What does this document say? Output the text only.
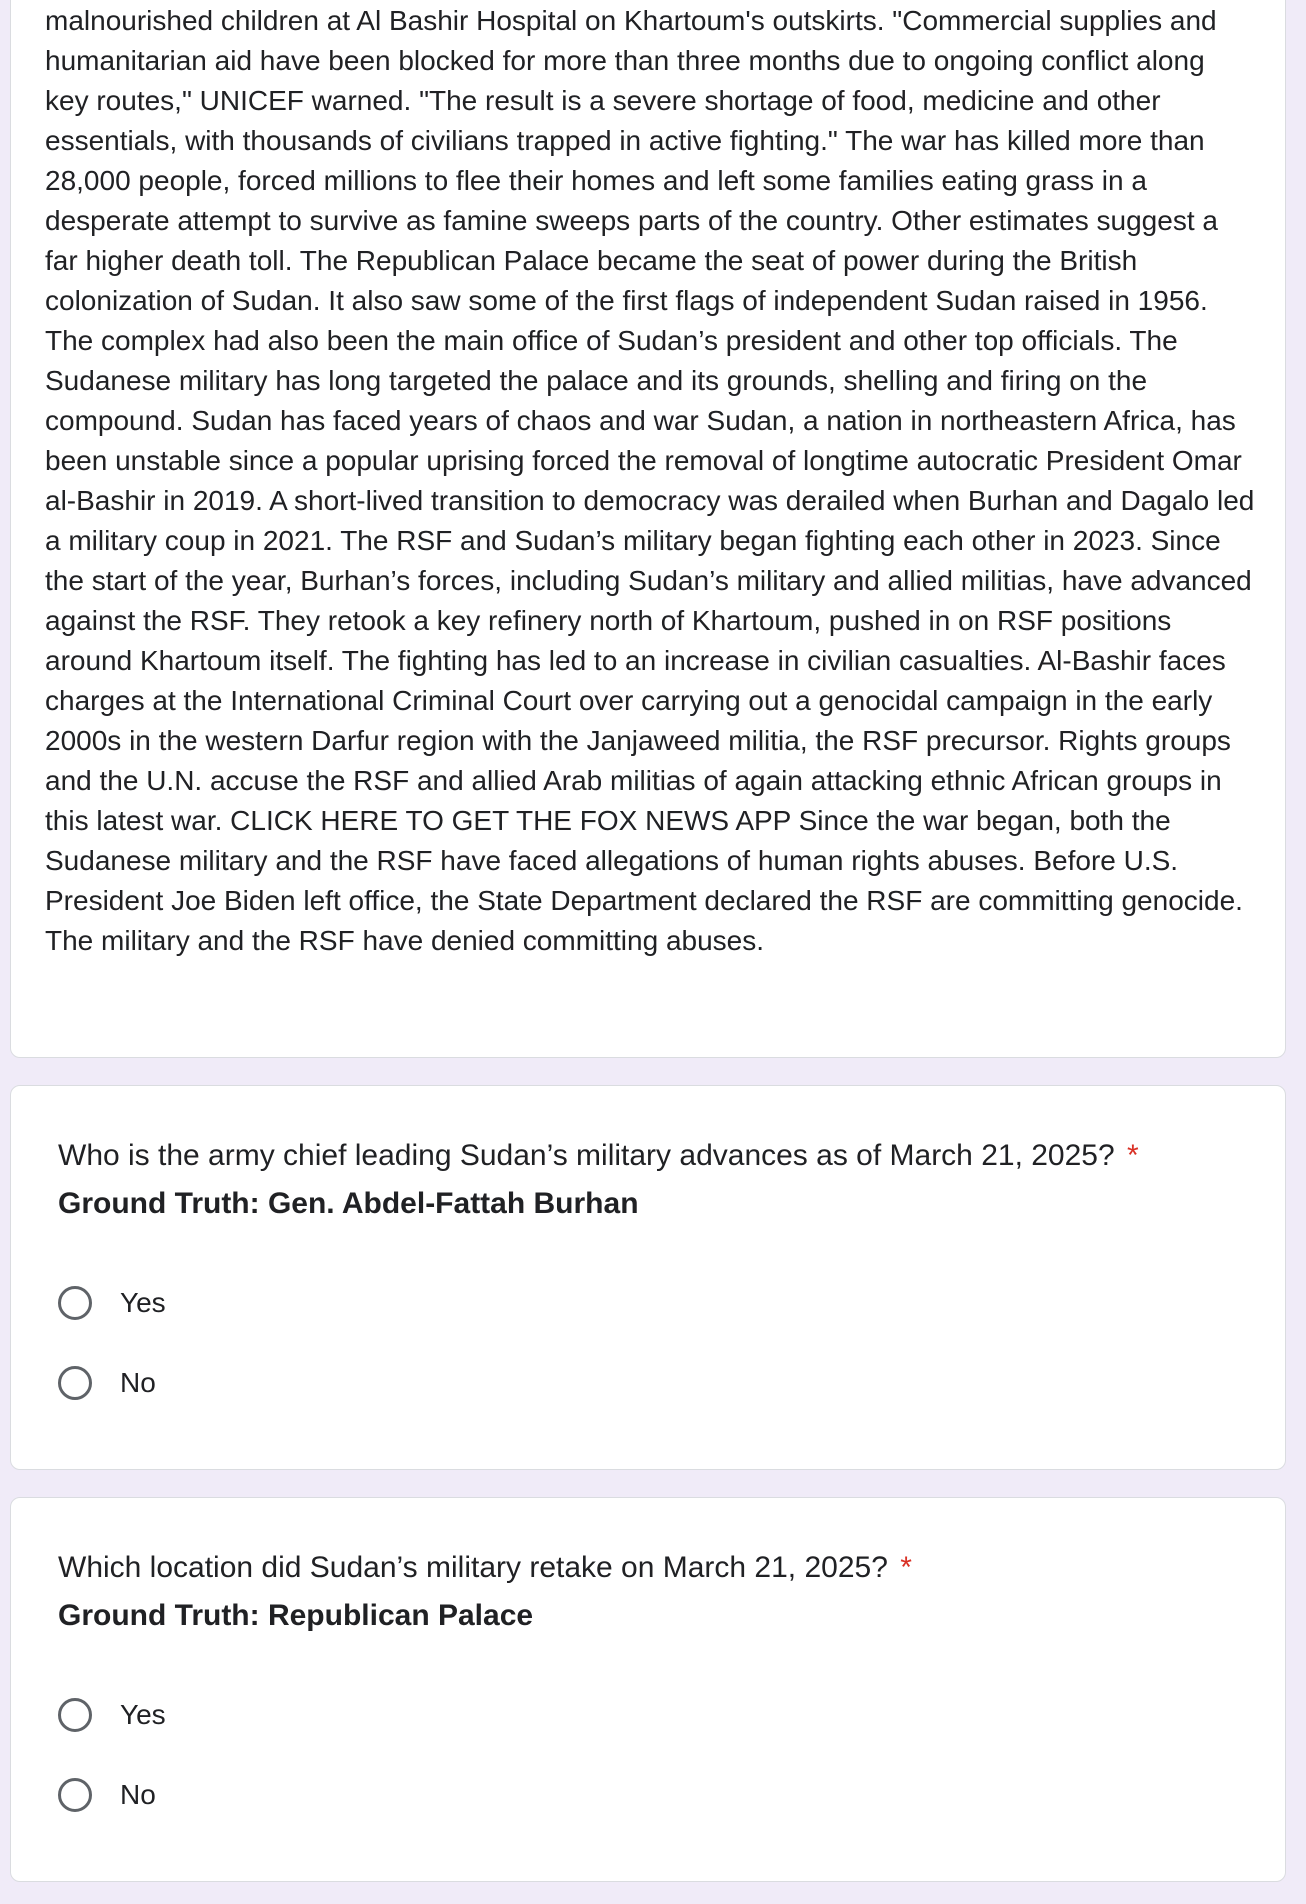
malnourished children at Al Bashir Hospital on Khartoum's outskirts. "Commercial supplies and humanitarian aid have been blocked for more than three months due to ongoing conflict along key routes," UNICEF warned. "The result is a severe shortage of food, medicine and other essentials, with thousands of civilians trapped in active fighting." The war has killed more than 28,000 people, forced millions to flee their homes and left some families eating grass in a desperate attempt to survive as famine sweeps parts of the country. Other estimates suggest a far higher death toll. The Republican Palace became the seat of power during the British colonization of Sudan. It also saw some of the first flags of independent Sudan raised in 1956. The complex had also been the main office of Sudan’s president and other top officials. The Sudanese military has long targeted the palace and its grounds, shelling and firing on the compound. Sudan has faced years of chaos and war Sudan, a nation in northeastern Africa, has been unstable since a popular uprising forced the removal of longtime autocratic President Omar al-Bashir in 2019. A short-lived transition to democracy was derailed when Burhan and Dagalo led a military coup in 2021. The RSF and Sudan’s military began fighting each other in 2023. Since the start of the year, Burhan’s forces, including Sudan’s military and allied militias, have advanced against the RSF. They retook a key refinery north of Khartoum, pushed in on RSF positions around Khartoum itself. The fighting has led to an increase in civilian casualties. Al-Bashir faces charges at the International Criminal Court over carrying out a genocidal campaign in the early 2000s in the western Darfur region with the Janjaweed militia, the RSF precursor. Rights groups and the U.N. accuse the RSF and allied Arab militias of again attacking ethnic African groups in this latest war. CLICK HERE TO GET THE FOX NEWS APP Since the war began, both the Sudanese military and the RSF have faced allegations of human rights abuses. Before U.S. President Joe Biden left office, the State Department declared the RSF are committing genocide. The military and the RSF have denied committing abuses.

Who is the army chief leading Sudan’s military advances as of March 21, 2025? *

Ground Truth: Gen. Abdel-Fattah Burhan

Yes
No

Which location did Sudan’s military retake on March 21, 2025? *

Ground Truth: Republican Palace

Yes
No
